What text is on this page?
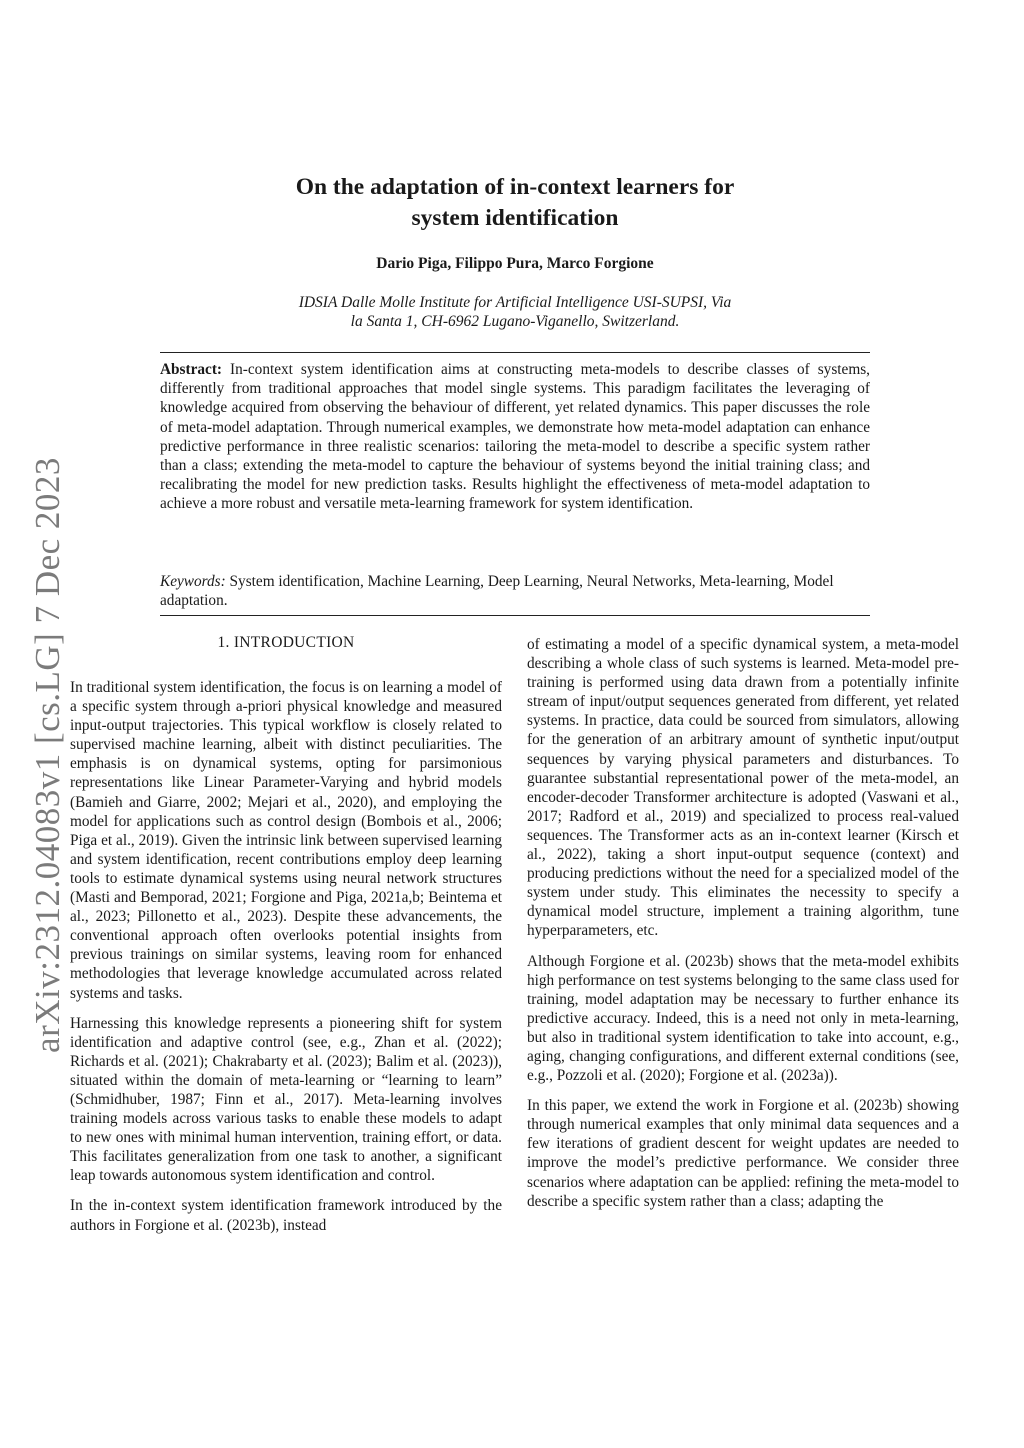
arXiv:2312.04083v1 [cs.LG] 7 Dec 2023
On the adaptation of in-context learners for
system identification
Dario Piga, Filippo Pura, Marco Forgione
IDSIA Dalle Molle Institute for Artificial Intelligence USI-SUPSI, Via
la Santa 1, CH-6962 Lugano-Viganello, Switzerland.
Abstract: In-context system identification aims at constructing meta-models to describe classes of systems, differently from traditional approaches that model single systems. This paradigm facilitates the leveraging of knowledge acquired from observing the behaviour of different, yet related dynamics. This paper discusses the role of meta-model adaptation. Through numerical examples, we demonstrate how meta-model adaptation can enhance predictive performance in three realistic scenarios: tailoring the meta-model to describe a specific system rather than a class; extending the meta-model to capture the behaviour of systems beyond the initial training class; and recalibrating the model for new prediction tasks. Results highlight the effectiveness of meta-model adaptation to achieve a more robust and versatile meta-learning framework for system identification.
Keywords: System identification, Machine Learning, Deep Learning, Neural Networks, Meta-learning, Model adaptation.
1. INTRODUCTION

In traditional system identification, the focus is on learning a model of a specific system through a-priori physical knowledge and measured input-output trajectories. This typical workflow is closely related to supervised machine learning, albeit with distinct peculiarities. The emphasis is on dynamical systems, opting for parsimonious representations like Linear Parameter-Varying and hybrid models (Bamieh and Giarre, 2002; Mejari et al., 2020), and employing the model for applications such as control design (Bombois et al., 2006; Piga et al., 2019). Given the intrinsic link between supervised learning and system identification, recent contributions employ deep learning tools to estimate dynamical systems using neural network structures (Masti and Bemporad, 2021; Forgione and Piga, 2021a,b; Beintema et al., 2023; Pillonetto et al., 2023). Despite these advancements, the conventional approach often overlooks potential insights from previous trainings on similar systems, leaving room for enhanced methodologies that leverage knowledge accumulated across related systems and tasks.

Harnessing this knowledge represents a pioneering shift for system identification and adaptive control (see, e.g., Zhan et al. (2022); Richards et al. (2021); Chakrabarty et al. (2023); Balim et al. (2023)), situated within the domain of meta-learning or “learning to learn” (Schmidhuber, 1987; Finn et al., 2017). Meta-learning involves training models across various tasks to enable these models to adapt to new ones with minimal human intervention, training effort, or data. This facilitates generalization from one task to another, a significant leap towards autonomous system identification and control.

In the in-context system identification framework introduced by the authors in Forgione et al. (2023b), instead

of estimating a model of a specific dynamical system, a meta-model describing a whole class of such systems is learned. Meta-model pre-training is performed using data drawn from a potentially infinite stream of input/output sequences generated from different, yet related systems. In practice, data could be sourced from simulators, allowing for the generation of an arbitrary amount of synthetic input/output sequences by varying physical parameters and disturbances. To guarantee substantial representational power of the meta-model, an encoder-decoder Transformer architecture is adopted (Vaswani et al., 2017; Radford et al., 2019) and specialized to process real-valued sequences. The Transformer acts as an in-context learner (Kirsch et al., 2022), taking a short input-output sequence (context) and producing predictions without the need for a specialized model of the system under study. This eliminates the necessity to specify a dynamical model structure, implement a training algorithm, tune hyperparameters, etc.

Although Forgione et al. (2023b) shows that the meta-model exhibits high performance on test systems belonging to the same class used for training, model adaptation may be necessary to further enhance its predictive accuracy. Indeed, this is a need not only in meta-learning, but also in traditional system identification to take into account, e.g., aging, changing configurations, and different external conditions (see, e.g., Pozzoli et al. (2020); Forgione et al. (2023a)).

In this paper, we extend the work in Forgione et al. (2023b) showing through numerical examples that only minimal data sequences and a few iterations of gradient descent for weight updates are needed to improve the model’s predictive performance. We consider three scenarios where adaptation can be applied: refining the meta-model to describe a specific system rather than a class; adapting the
